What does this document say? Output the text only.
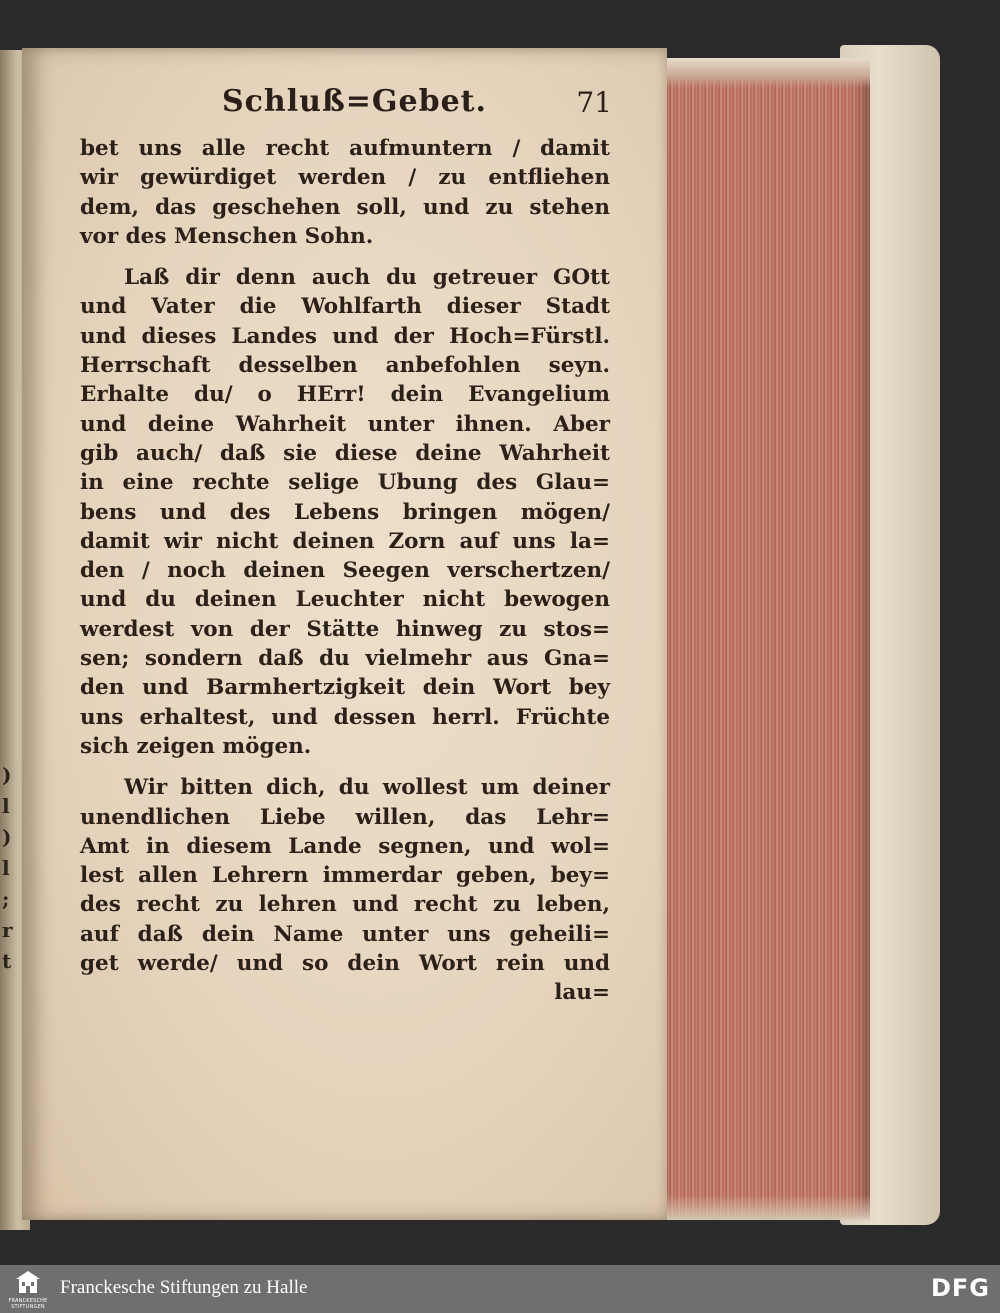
)
l
)
l
;
r
t
Schluß=Gebet.	71
bet uns alle recht aufmuntern / damit
wir gewürdiget werden / zu entfliehen
dem, das geschehen soll, und zu stehen
vor des Menschen Sohn.
Laß dir denn auch du getreuer GOtt
und Vater die Wohlfarth dieser Stadt
und dieses Landes und der Hoch=Fürstl.
Herrschaft desselben anbefohlen seyn.
Erhalte du/ o HErr! dein Evangelium
und deine Wahrheit unter ihnen. Aber
gib auch/ daß sie diese deine Wahrheit
in eine rechte selige Ubung des Glau=
bens und des Lebens bringen mögen/
damit wir nicht deinen Zorn auf uns la=
den / noch deinen Seegen verschertzen/
und du deinen Leuchter nicht bewogen
werdest von der Stätte hinweg zu stos=
sen; sondern daß du vielmehr aus Gna=
den und Barmhertzigkeit dein Wort bey
uns erhaltest, und dessen herrl. Früchte
sich zeigen mögen.
Wir bitten dich, du wollest um deiner
unendlichen Liebe willen, das Lehr=
Amt in diesem Lande segnen, und wol=
lest allen Lehrern immerdar geben, bey=
des recht zu lehren und recht zu leben,
auf daß dein Name unter uns geheili=
get werde/ und so dein Wort rein und
lau=
FRANCKESCHE
STIFTUNGEN
Franckesche Stiftungen zu Halle	DFG
